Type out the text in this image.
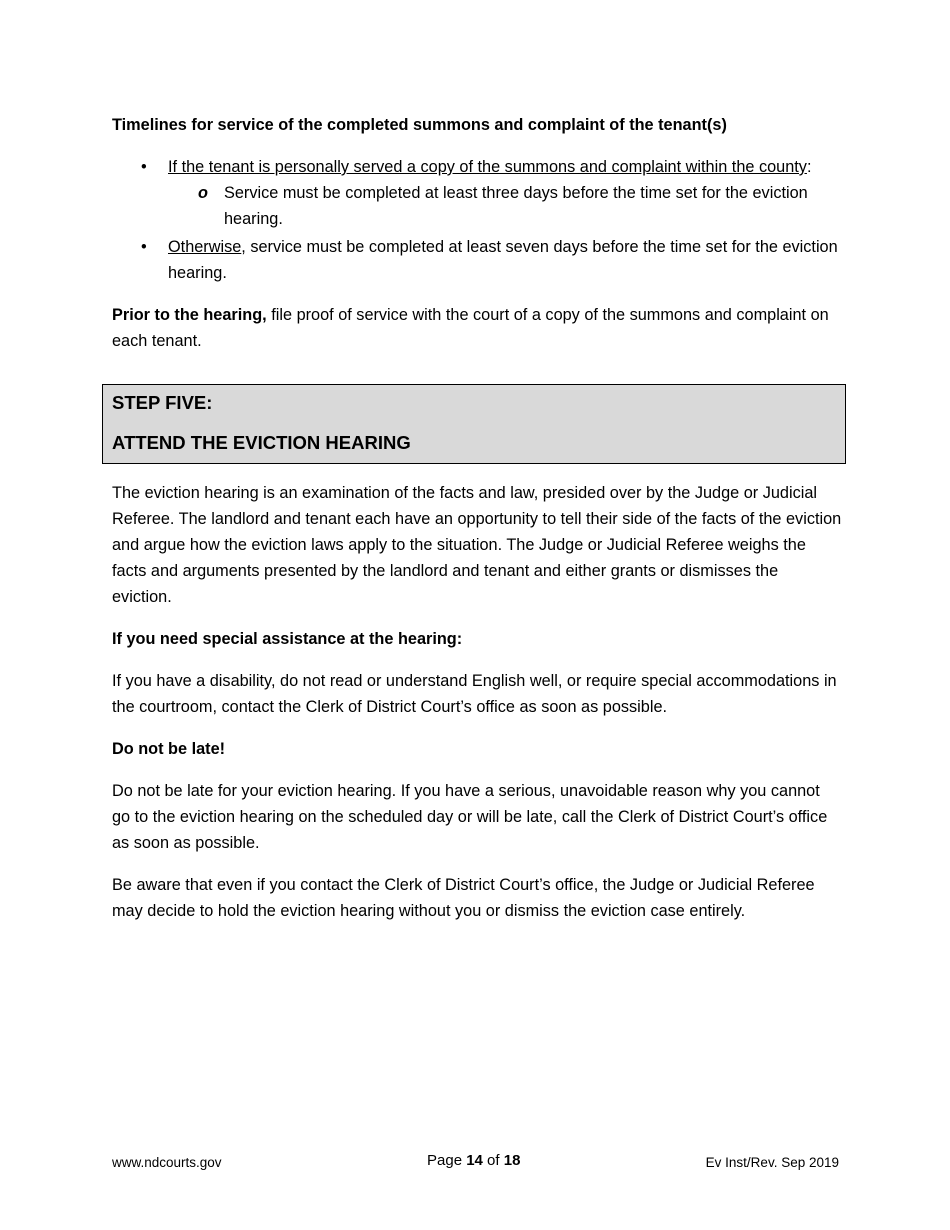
Timelines for service of the completed summons and complaint of the tenant(s)

• If the tenant is personally served a copy of the summons and complaint within the county:
o Service must be completed at least three days before the time set for the eviction hearing.
• Otherwise, service must be completed at least seven days before the time set for the eviction hearing.

Prior to the hearing, file proof of service with the court of a copy of the summons and complaint on each tenant.

STEP FIVE:

ATTEND THE EVICTION HEARING

The eviction hearing is an examination of the facts and law, presided over by the Judge or Judicial Referee. The landlord and tenant each have an opportunity to tell their side of the facts of the eviction and argue how the eviction laws apply to the situation. The Judge or Judicial Referee weighs the facts and arguments presented by the landlord and tenant and either grants or dismisses the eviction.

If you need special assistance at the hearing:

If you have a disability, do not read or understand English well, or require special accommodations in the courtroom, contact the Clerk of District Court’s office as soon as possible.

Do not be late!

Do not be late for your eviction hearing. If you have a serious, unavoidable reason why you cannot go to the eviction hearing on the scheduled day or will be late, call the Clerk of District Court’s office as soon as possible.

Be aware that even if you contact the Clerk of District Court’s office, the Judge or Judicial Referee may decide to hold the eviction hearing without you or dismiss the eviction case entirely.

www.ndcourts.gov	Page 14 of 18	Ev Inst/Rev. Sep 2019
